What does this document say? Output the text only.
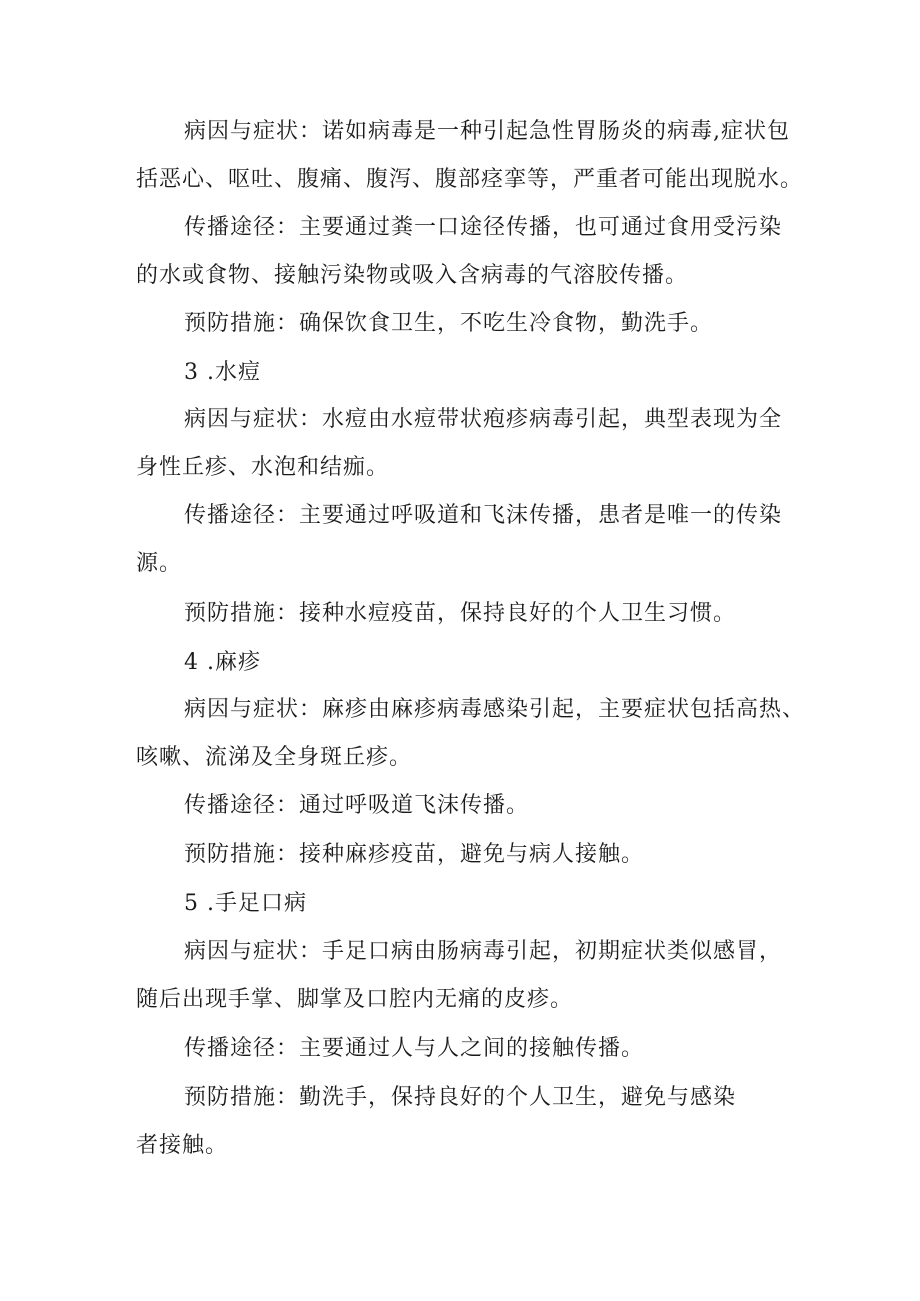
病因与症状：诺如病毒是一种引起急性胃肠炎的病毒,症状包
括恶心、呕吐、腹痛、腹泻、腹部痉挛等，严重者可能出现脱水。
传播途径：主要通过粪一口途径传播，也可通过食用受污染
的水或食物、接触污染物或吸入含病毒的气溶胶传播。
预防措施：确保饮食卫生，不吃生冷食物，勤洗手。
3 .水痘
病因与症状：水痘由水痘带状疱疹病毒引起，典型表现为全
身性丘疹、水泡和结痂。
传播途径：主要通过呼吸道和飞沫传播，患者是唯一的传染
源。
预防措施：接种水痘疫苗，保持良好的个人卫生习惯。
4 .麻疹
病因与症状：麻疹由麻疹病毒感染引起，主要症状包括高热、
咳嗽、流涕及全身斑丘疹。
传播途径：通过呼吸道飞沫传播。
预防措施：接种麻疹疫苗，避免与病人接触。
5 .手足口病
病因与症状：手足口病由肠病毒引起，初期症状类似感冒，
随后出现手掌、脚掌及口腔内无痛的皮疹。
传播途径：主要通过人与人之间的接触传播。
预防措施：勤洗手，保持良好的个人卫生，避免与感染
者接触。
